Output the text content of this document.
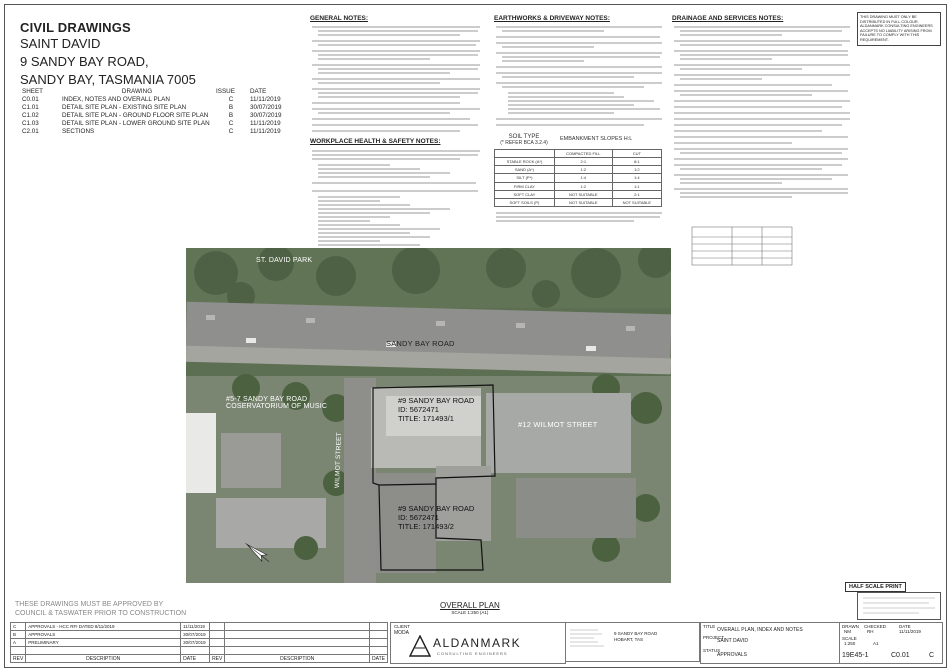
CIVIL DRAWINGS
SAINT DAVID
9 SANDY BAY ROAD,
SANDY BAY, TASMANIA 7005
SHEET	DRAWING	ISSUE	DATE
C0.01	INDEX, NOTES AND OVERALL PLAN	C	11/11/2019
C1.01	DETAIL SITE PLAN - EXISTING SITE PLAN	B	30/07/2019
C1.02	DETAIL SITE PLAN - GROUND FLOOR SITE PLAN	B	30/07/2019
C1.03	DETAIL SITE PLAN - LOWER GROUND SITE PLAN	C	11/11/2019
C2.01	SECTIONS	C	11/11/2019
GENERAL NOTES:
WORKPLACE HEALTH & SAFETY NOTES:
EARTHWORKS & DRIVEWAY NOTES:
SOIL TYPE
(* REFER BCA 3.2.4)
EMBANKMENT SLOPES H:L
	COMPACTED FILL	CUT
STABLE ROCK (A*)	2:1	8:1
SAND (A*)	1:2	1:2
SILT (P*)	1:4	1:4
FIRM CLAY	1:2	1:1
SOFT CLAY	NOT SUITABLE	2:1
SOFT SOILS (P)	NOT SUITABLE	NOT SUITABLE
DRAINAGE AND SERVICES NOTES:
	THIS DRAWING MUST ONLY BE DISTRIBUTED IN FULL COLOUR. ALDANMARK CONSULTING ENGINEERS ACCEPTS NO LIABILITY ARISING FROM FAILURE TO COMPLY WITH THIS REQUIREMENT.
ST. DAVID PARK
SANDY BAY ROAD
WILMOT STREET
#5-7 SANDY BAY ROAD
COSERVATORIUM OF MUSIC
#12 WILMOT STREET
#9 SANDY BAY ROAD
ID: 5672471
TITLE: 171493/1
#9 SANDY BAY ROAD
ID: 5672471
TITLE: 171493/2
THESE DRAWINGS MUST BE APPROVED BY
COUNCIL & TASWATER PRIOR TO CONSTRUCTION
OVERALL PLAN
SCALE 1:250 (A1)
HALF SCALE PRINT
C	APPROVALS - HCC RFI DATED 8/11/2019	11/11/2019			
B	APPROVALS	30/07/2019			
A	PRELIMINARY	30/07/2019			

REV	DESCRIPTION	DATE	REV	DESCRIPTION	DATE
CLIENT
MODA
ALDANMARK
CONSULTING ENGINEERS
9 SANDY BAY ROAD
HOBART, TAS
TITLE
OVERALL PLAN, INDEX AND NOTES
PROJECT
SAINT DAVID
STATUS
APPROVALS
DRAWN
NM
CHECKED
RH
DATE
11/11/2019
SCALE
1:250	A1
19E45-1	C0.01	C
